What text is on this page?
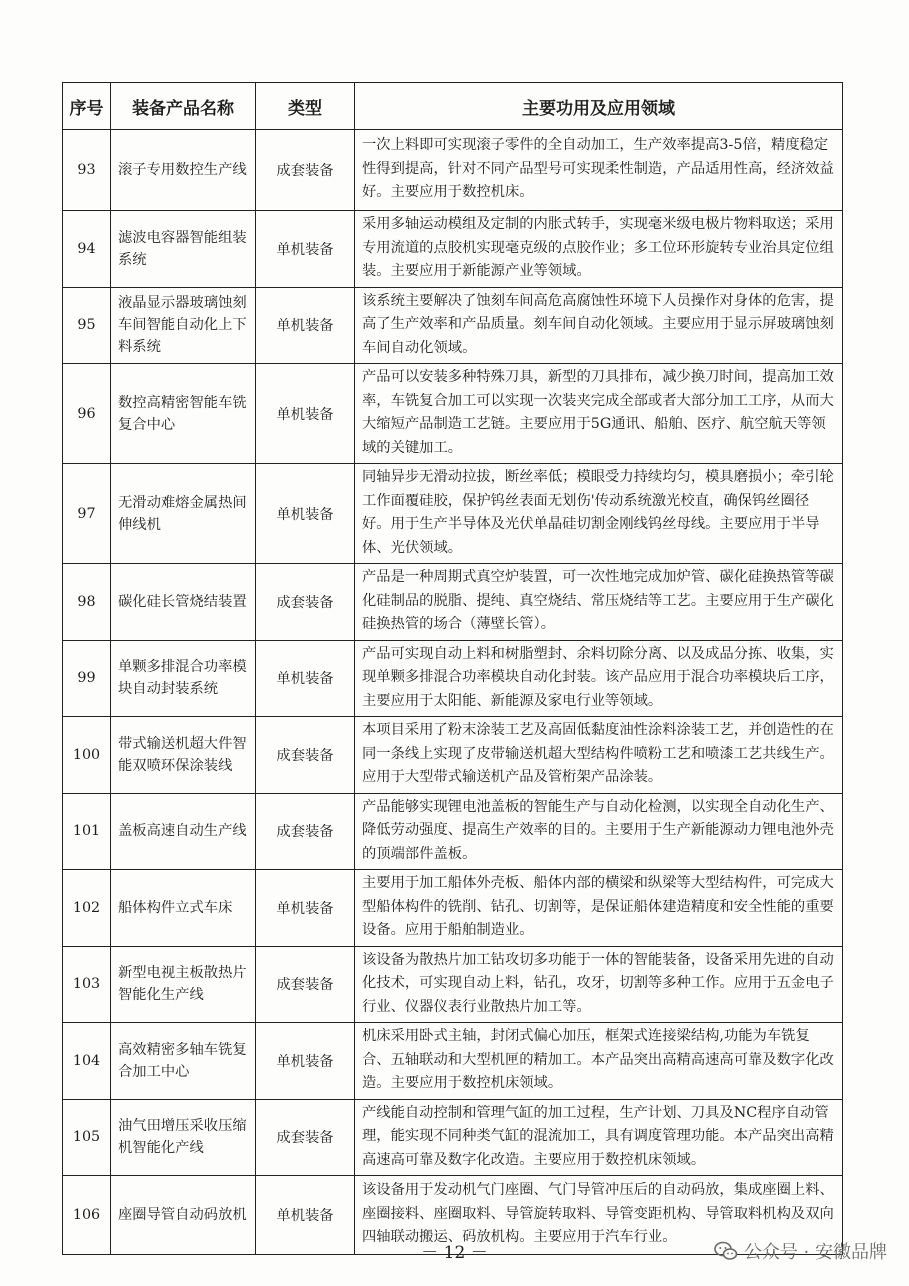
序号	装备产品名称	类型	主要功用及应用领域
93	滚子专用数控生产线	成套装备	一次上料即可实现滚子零件的全自动加工，生产效率提高3-5倍，精度稳定性得到提高，针对不同产品型号可实现柔性制造，产品适用性高，经济效益好。主要应用于数控机床。
94	滤波电容器智能组装系统	单机装备	采用多轴运动模组及定制的内胀式转手，实现毫米级电极片物料取送；采用专用流道的点胶机实现毫克级的点胶作业；多工位环形旋转专业治具定位组装。主要应用于新能源产业等领域。
95	液晶显示器玻璃蚀刻车间智能自动化上下料系统	单机装备	该系统主要解决了蚀刻车间高危高腐蚀性环境下人员操作对身体的危害，提高了生产效率和产品质量。刻车间自动化领域。主要应用于显示屏玻璃蚀刻车间自动化领域。
96	数控高精密智能车铣复合中心	单机装备	产品可以安装多种特殊刀具，新型的刀具排布，减少换刀时间，提高加工效率，车铣复合加工可以实现一次装夹完成全部或者大部分加工工序，从而大大缩短产品制造工艺链。主要应用于5G通讯、船舶、医疗、航空航天等领域的关键加工。
97	无滑动难熔金属热间伸线机	单机装备	同轴异步无滑动拉拔，断丝率低；模眼受力持续均匀，模具磨损小；牵引轮工作面覆硅胶，保护钨丝表面无划伤'传动系统激光校直，确保钨丝圈径好。用于生产半导体及光伏单晶硅切割金刚线钨丝母线。主要应用于半导体、光伏领域。
98	碳化硅长管烧结装置	成套装备	产品是一种周期式真空炉装置，可一次性地完成加炉管、碳化硅换热管等碳化硅制品的脱脂、提纯、真空烧结、常压烧结等工艺。主要应用于生产碳化硅换热管的场合（薄壁长管）。
99	单颗多排混合功率模块自动封装系统	单机装备	产品可实现自动上料和树脂塑封、余料切除分离、以及成品分拣、收集，实现单颗多排混合功率模块自动化封装。该产品应用于混合功率模块后工序，主要应用于太阳能、新能源及家电行业等领域。
100	带式输送机超大件智能双喷环保涂装线	成套装备	本项目采用了粉末涂装工艺及高固低黏度油性涂料涂装工艺，并创造性的在同一条线上实现了皮带输送机超大型结构件喷粉工艺和喷漆工艺共线生产。应用于大型带式输送机产品及管桁架产品涂装。
101	盖板高速自动生产线	成套装备	产品能够实现锂电池盖板的智能生产与自动化检测，以实现全自动化生产、降低劳动强度、提高生产效率的目的。主要用于生产新能源动力锂电池外壳的顶端部件盖板。
102	船体构件立式车床	单机装备	主要用于加工船体外壳板、船体内部的横梁和纵梁等大型结构件，可完成大型船体构件的铣削、钻孔、切割等，是保证船体建造精度和安全性能的重要设备。应用于船舶制造业。
103	新型电视主板散热片智能化生产线	成套装备	该设备为散热片加工钻攻切多功能于一体的智能装备，设备采用先进的自动化技术，可实现自动上料，钻孔，攻牙，切割等多种工作。应用于五金电子行业、仪器仪表行业散热片加工等。
104	高效精密多轴车铣复合加工中心	单机装备	机床采用卧式主轴，封闭式偏心加压，框架式连接梁结构,功能为车铣复合、五轴联动和大型机匣的精加工。本产品突出高精高速高可靠及数字化改造。主要应用于数控机床领域。
105	油气田增压采收压缩机智能化产线	成套装备	产线能自动控制和管理气缸的加工过程，生产计划、刀具及NC程序自动管理，能实现不同种类气缸的混流加工，具有调度管理功能。本产品突出高精高速高可靠及数字化改造。主要应用于数控机床领域。
106	座圈导管自动码放机	单机装备	该设备用于发动机气门座圈、气门导管冲压后的自动码放，集成座圈上料、座圈接料、座圈取料、导管旋转取料、导管变距机构、导管取料机构及双向四轴联动搬运、码放机构。主要应用于汽车行业。
－ 12 －	公众号 · 安徽品牌
